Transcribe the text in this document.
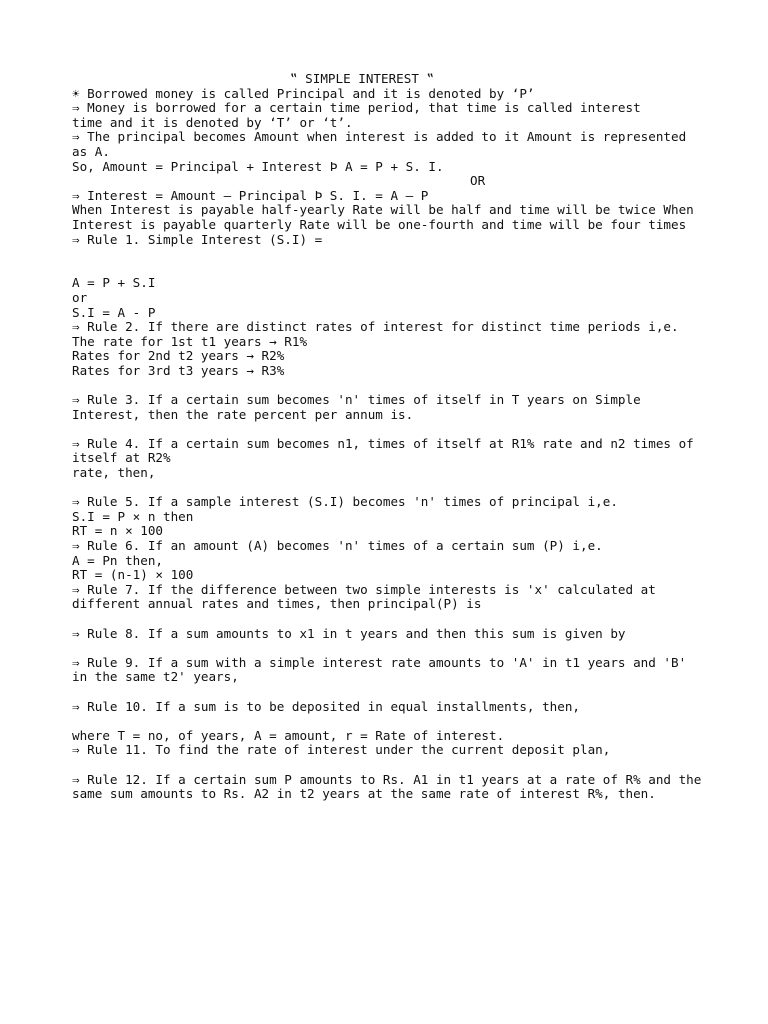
‟ SIMPLE INTEREST ‟
☀ Borrowed money is called Principal and it is denoted by ‘P’
⇒ Money is borrowed for a certain time period, that time is called interest
time and it is denoted by ‘T’ or ‘t’.
⇒ The principal becomes Amount when interest is added to it Amount is represented
as A.
So, Amount = Principal + Interest Þ A = P + S. I.
OR
⇒ Interest = Amount – Principal Þ S. I. = A – P
When Interest is payable half-yearly Rate will be half and time will be twice When
Interest is payable quarterly Rate will be one-fourth and time will be four times
⇒ Rule 1. Simple Interest (S.I) =
A = P + S.I
or
S.I = A - P
⇒ Rule 2. If there are distinct rates of interest for distinct time periods i,e.
The rate for 1st t1 years → R1%
Rates for 2nd t2 years → R2%
Rates for 3rd t3 years → R3%
⇒ Rule 3. If a certain sum becomes 'n' times of itself in T years on Simple
Interest, then the rate percent per annum is.
⇒ Rule 4. If a certain sum becomes n1, times of itself at R1% rate and n2 times of
itself at R2%
rate, then,
⇒ Rule 5. If a sample interest (S.I) becomes 'n' times of principal i,e.
S.I = P × n then
RT = n × 100
⇒ Rule 6. If an amount (A) becomes 'n' times of a certain sum (P) i,e.
A = Pn then,
RT = (n-1) × 100
⇒ Rule 7. If the difference between two simple interests is 'x' calculated at
different annual rates and times, then principal(P) is
⇒ Rule 8. If a sum amounts to x1 in t years and then this sum is given by
⇒ Rule 9. If a sum with a simple interest rate amounts to 'A' in t1 years and 'B'
in the same t2' years,
⇒ Rule 10. If a sum is to be deposited in equal installments, then,
where T = no, of years, A = amount, r = Rate of interest.
⇒ Rule 11. To find the rate of interest under the current deposit plan,
⇒ Rule 12. If a certain sum P amounts to Rs. A1 in t1 years at a rate of R% and the
same sum amounts to Rs. A2 in t2 years at the same rate of interest R%, then.
